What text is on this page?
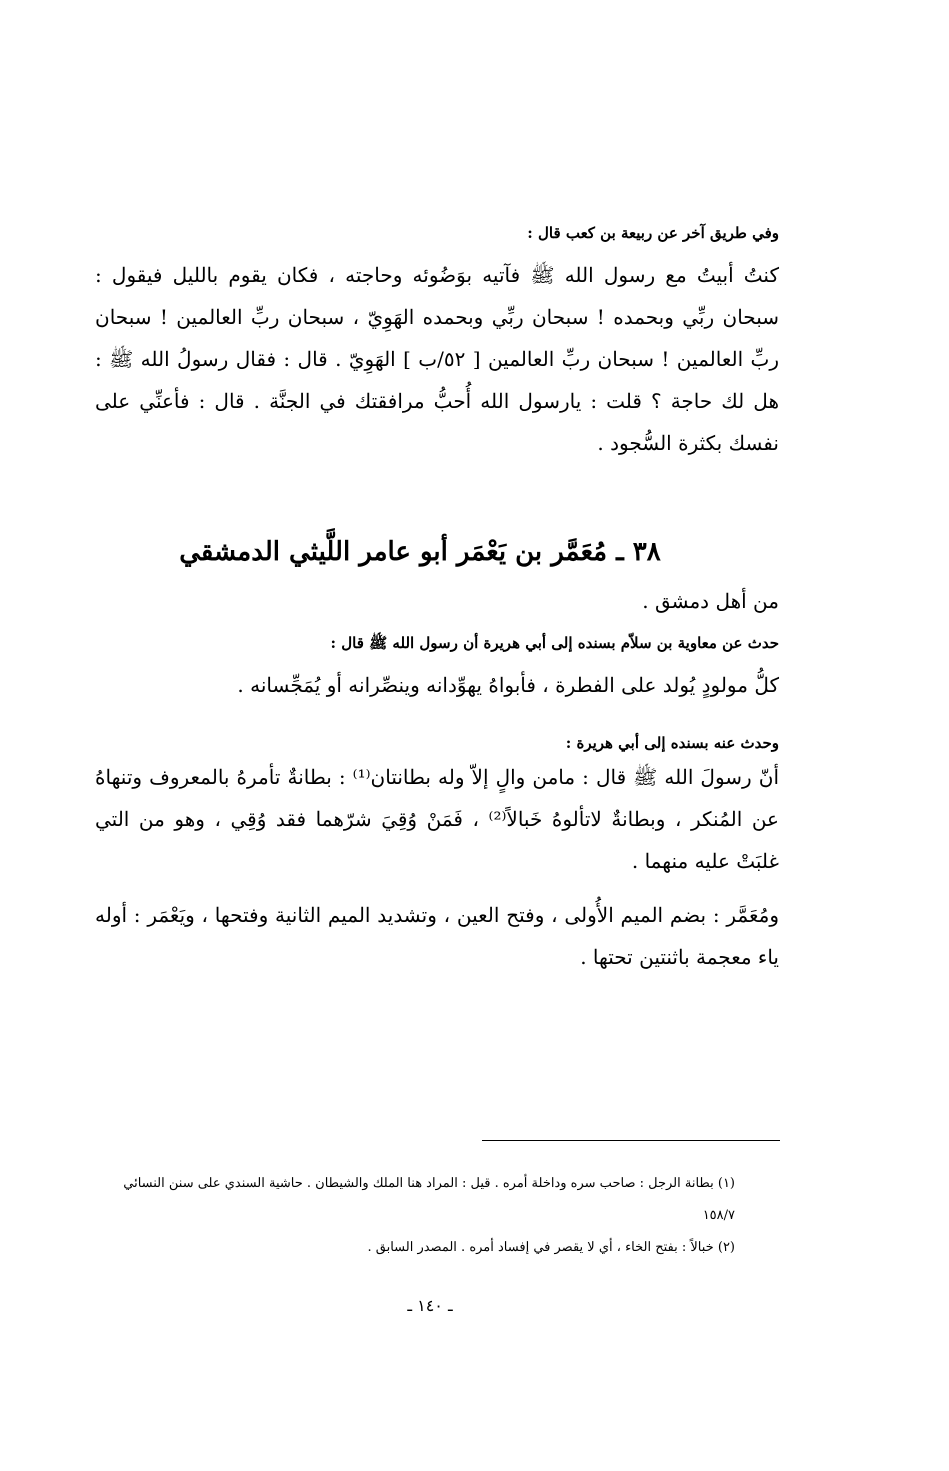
وفي طريق آخر عن ربيعة بن كعب قال :

كنتُ أبيتُ مع رسول الله ﷺ فآتيه بوَضُوئه وحاجته ، فكان يقوم بالليل فيقول : سبحان ربِّي وبحمده ! سبحان ربِّي وبحمده الهَوِيّ ، سبحان ربِّ العالمين ! سبحان ربِّ العالمين ! سبحان ربِّ العالمين [ ٥٢/ب ] الهَوِيّ . قال : فقال رسولُ الله ﷺ : هل لك حاجة ؟ قلت : يارسول الله أُحبُّ مرافقتك في الجنَّة . قال : فأعنِّي على نفسك بكثرة السُّجود .

٣٨ ـ مُعَمَّر بن يَعْمَر أبو عامر اللَّيثي الدمشقي

من أهل دمشق .

حدث عن معاوية بن سلاّم بسنده إلى أبي هريرة أن رسول الله ﷺ قال :

كلُّ مولودٍ يُولد على الفطرة ، فأبواهُ يهوِّدانه وينصِّرانه أو يُمَجِّسانه .

وحدث عنه بسنده إلى أبي هريرة :

أنّ رسولَ الله ﷺ قال : مامن والٍ إلاّ وله بطانتان⁽¹⁾ : بطانةٌ تأمرهُ بالمعروف وتنهاهُ عن المُنكر ، وبطانةٌ لاتألوهُ خَبالاً⁽²⁾ ، فَمَنْ وُقِيَ شرّهما فقد وُقِي ، وهو من التي غلبَتْ عليه منهما .

ومُعَمَّر : بضم الميم الأُولى ، وفتح العين ، وتشديد الميم الثانية وفتحها ، ويَعْمَر : أوله ياء معجمة باثنتين تحتها .

(١) بطانة الرجل : صاحب سره وداخلة أمره . قيل : المراد هنا الملك والشيطان . حاشية السندي على سنن النسائي ١٥٨/٧

(٢) خبالاً : بفتح الخاء ، أي لا يقصر في إفساد أمره . المصدر السابق .

ـ ١٤٠ ـ
